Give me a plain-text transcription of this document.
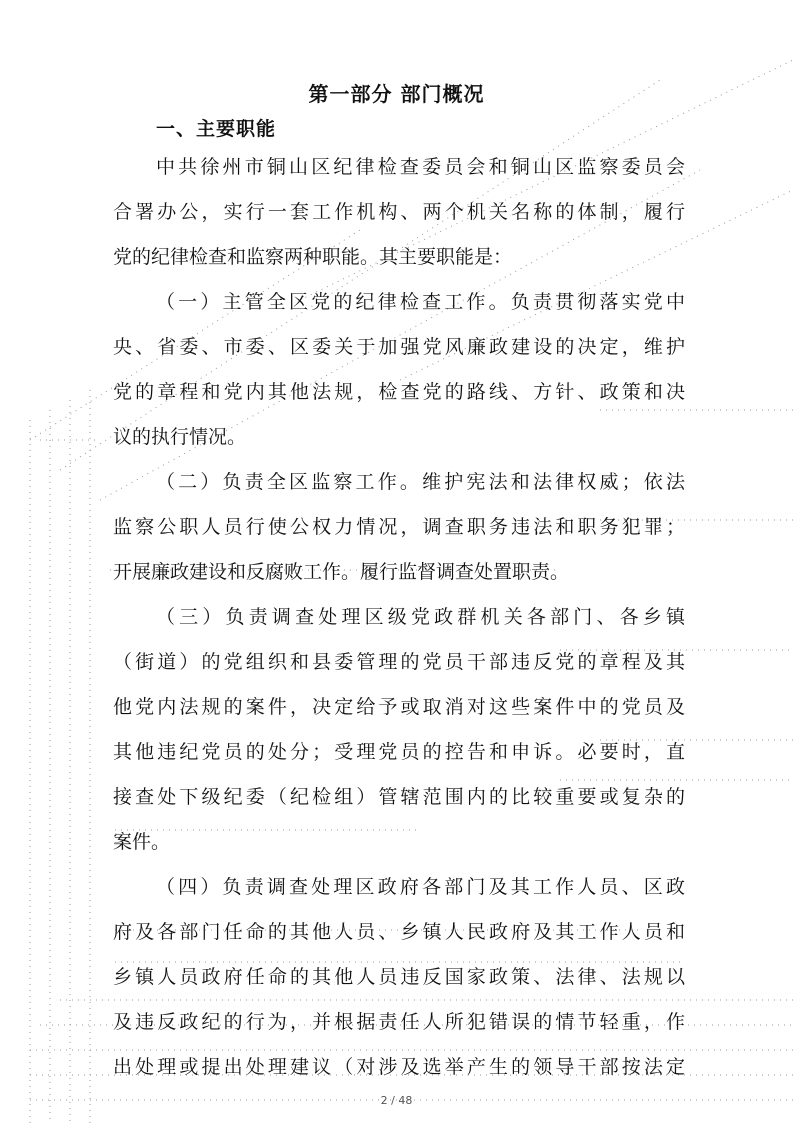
第一部分 部门概况
一、主要职能
中共徐州市铜山区纪律检查委员会和铜山区监察委员会
合署办公，实行一套工作机构、两个机关名称的体制，履行
党的纪律检查和监察两种职能。其主要职能是：
（一）主管全区党的纪律检查工作。负责贯彻落实党中
央、省委、市委、区委关于加强党风廉政建设的决定，维护
党的章程和党内其他法规，检查党的路线、方针、政策和决
议的执行情况。
（二）负责全区监察工作。维护宪法和法律权威；依法
监察公职人员行使公权力情况，调查职务违法和职务犯罪；
开展廉政建设和反腐败工作。履行监督调查处置职责。
（三）负责调查处理区级党政群机关各部门、各乡镇
（街道）的党组织和县委管理的党员干部违反党的章程及其
他党内法规的案件，决定给予或取消对这些案件中的党员及
其他违纪党员的处分；受理党员的控告和申诉。必要时，直
接查处下级纪委（纪检组）管辖范围内的比较重要或复杂的
案件。
（四）负责调查处理区政府各部门及其工作人员、区政
府及各部门任命的其他人员、乡镇人民政府及其工作人员和
乡镇人员政府任命的其他人员违反国家政策、法律、法规以
及违反政纪的行为，并根据责任人所犯错误的情节轻重，作
出处理或提出处理建议（对涉及选举产生的领导干部按法定
2 / 48
